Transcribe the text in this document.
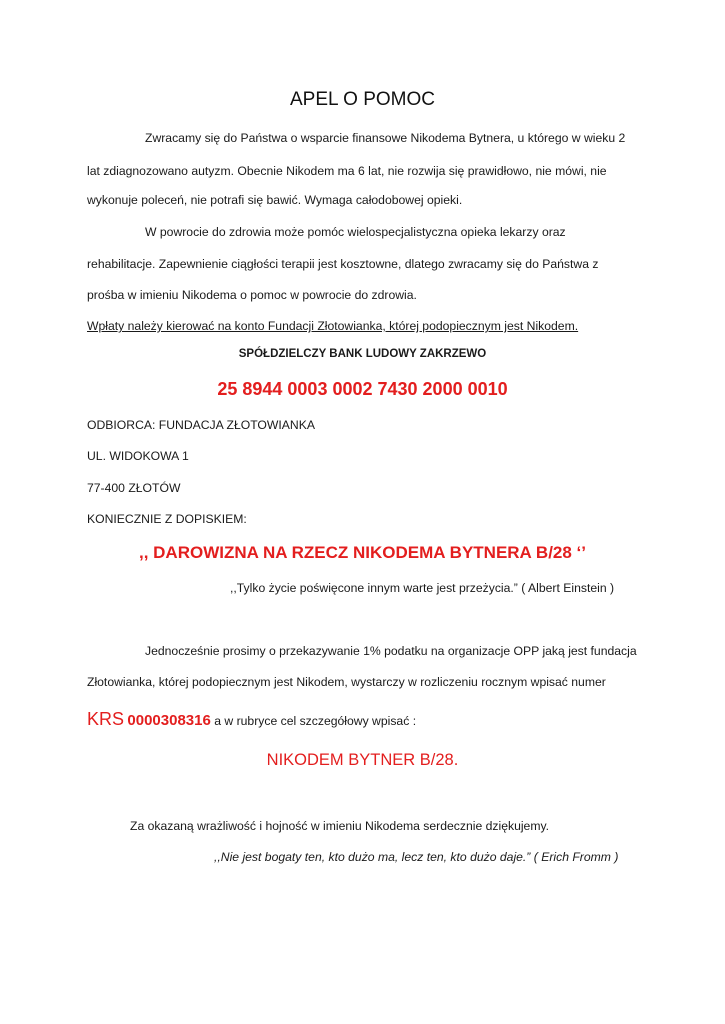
APEL O POMOC
Zwracamy się do Państwa o wsparcie finansowe Nikodema Bytnera, u którego w wieku 2
lat zdiagnozowano autyzm. Obecnie Nikodem ma 6 lat, nie rozwija się prawidłowo, nie mówi, nie
wykonuje poleceń, nie potrafi się bawić. Wymaga całodobowej opieki.
W powrocie do zdrowia może pomóc wielospecjalistyczna opieka lekarzy oraz
rehabilitacje. Zapewnienie ciągłości terapii jest kosztowne, dlatego zwracamy się do Państwa z
prośba w imieniu Nikodema o pomoc w powrocie do zdrowia.
Wpłaty należy kierować na konto Fundacji Złotowianka, której podopiecznym jest Nikodem.
SPÓŁDZIELCZY BANK LUDOWY ZAKRZEWO
25 8944 0003 0002 7430 2000 0010
ODBIORCA: FUNDACJA ZŁOTOWIANKA
UL. WIDOKOWA 1
77-400 ZŁOTÓW
KONIECZNIE Z DOPISKIEM:
,, DAROWIZNA NA RZECZ NIKODEMA BYTNERA B/28 ‘’
,,Tylko życie poświęcone innym warte jest przeżycia.” ( Albert Einstein )
Jednocześnie prosimy o przekazywanie 1% podatku na organizacje OPP jaką jest fundacja
Złotowianka, której podopiecznym jest Nikodem, wystarczy w rozliczeniu rocznym wpisać numer
KRS 0000308316 a w rubryce cel szczegółowy wpisać :
NIKODEM BYTNER B/28.
Za okazaną wrażliwość i hojność w imieniu Nikodema serdecznie dziękujemy.
,,Nie jest bogaty ten, kto dużo ma, lecz ten, kto dużo daje.” ( Erich Fromm )
